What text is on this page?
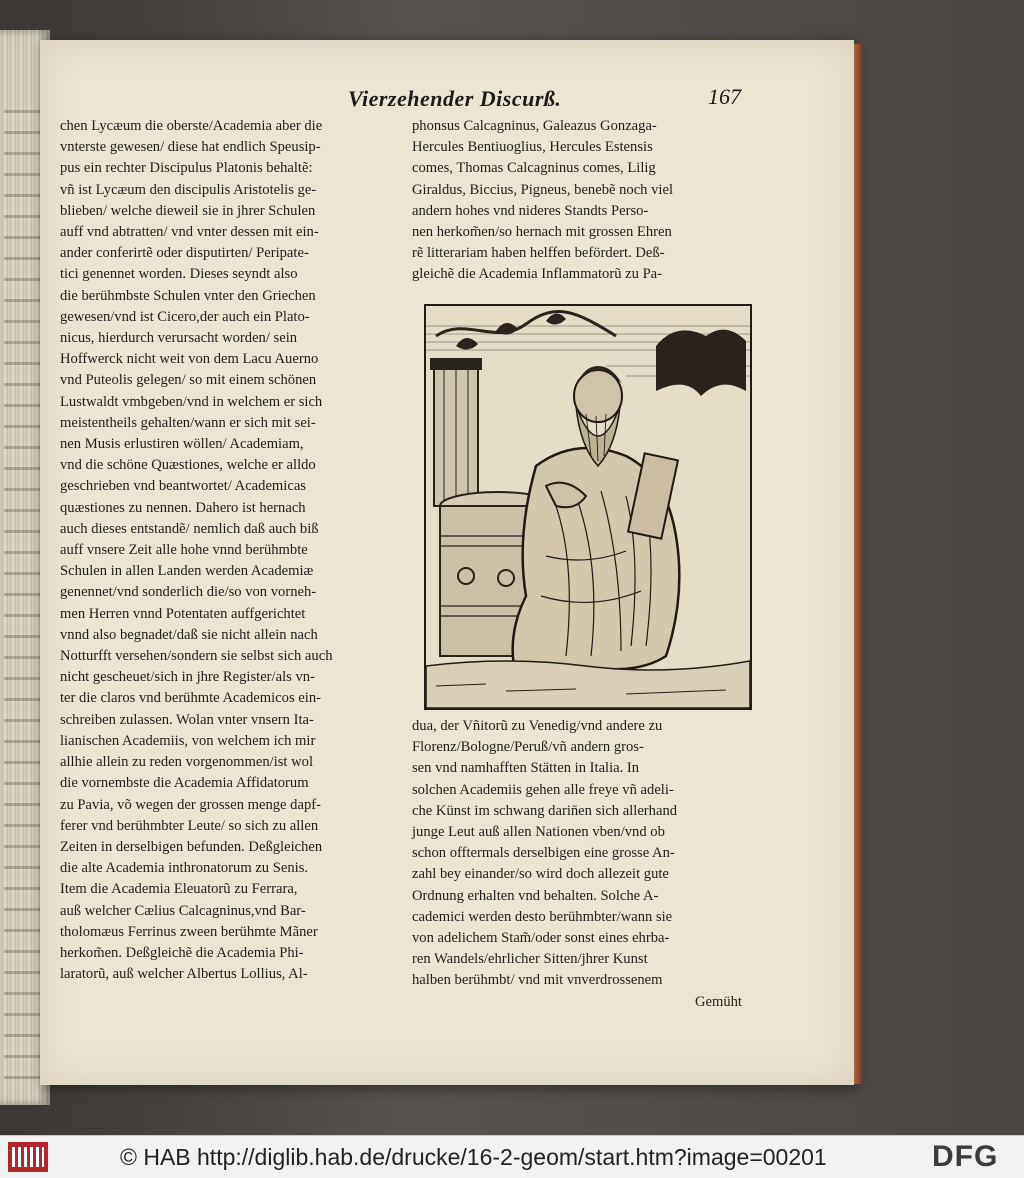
Vierzehender Discurß.	167
chen Lycæum die oberste/Academia aber die
vnterste gewesen/ diese hat endlich Speusip-
pus ein rechter Discipulus Platonis behaltẽ:
vñ ist Lycæum den discipulis Aristotelis ge-
blieben/ welche dieweil sie in jhrer Schulen
auff vnd abtratten/ vnd vnter dessen mit ein-
ander conferirtẽ oder disputirten/ Peripate-
tici genennet worden. Dieses seyndt also
die berühmbste Schulen vnter den Griechen
gewesen/vnd ist Cicero,der auch ein Plato-
nicus, hierdurch verursacht worden/ sein
Hoffwerck nicht weit von dem Lacu Auerno
vnd Puteolis gelegen/ so mit einem schönen
Lustwaldt vmbgeben/vnd in welchem er sich
meistentheils gehalten/wann er sich mit sei-
nen Musis erlustiren wöllen/ Academiam,
vnd die schöne Quæstiones, welche er alldo
geschrieben vnd beantwortet/ Academicas
quæstiones zu nennen. Dahero ist hernach
auch dieses entstandẽ/ nemlich daß auch biß
auff vnsere Zeit alle hohe vnnd berühmbte
Schulen in allen Landen werden Academiæ
genennet/vnd sonderlich die/so von vorneh-
men Herren vnnd Potentaten auffgerichtet
vnnd also begnadet/daß sie nicht allein nach
Notturfft versehen/sondern sie selbst sich auch
nicht gescheuet/sich in jhre Register/als vn-
ter die claros vnd berühmte Academicos ein-
schreiben zulassen. Wolan vnter vnsern Ita-
lianischen Academiis, von welchem ich mir
allhie allein zu reden vorgenommen/ist wol
die vornembste die Academia Affidatorum
zu Pavia, võ wegen der grossen menge dapf-
ferer vnd berühmbter Leute/ so sich zu allen
Zeiten in derselbigen befunden. Deßgleichen
die alte Academia inthronatorum zu Senis.
Item die Academia Eleuatorũ zu Ferrara,
auß welcher Cælius Calcagninus,vnd Bar-
tholomæus Ferrinus zween berühmte Mãner
herkom̃en. Deßgleichẽ die Academia Phi-
laratorũ, auß welcher Albertus Lollius, Al-
phonsus Calcagninus, Galeazus Gonzaga-
Hercules Bentiuoglius, Hercules Estensis
comes, Thomas Calcagninus comes, Lilig
Giraldus, Biccius, Pigneus, benebẽ noch viel
andern hohes vnd nideres Standts Perso-
nen herkom̃en/so hernach mit grossen Ehren
rẽ litterariam haben helffen befördert. Deß-
gleichẽ die Academia Inflammatorũ zu Pa-
dua, der Vñitorũ zu Venedig/vnd andere zu
Florenz/Bologne/Peruß/vñ andern gros-
sen vnd namhafften Stätten in Italia. In
solchen Academiis gehen alle freye vñ adeli-
che Künst im schwang darin̄en sich allerhand
junge Leut auß allen Nationen vben/vnd ob
schon offtermals derselbigen eine grosse An-
zahl bey einander/so wird doch allezeit gute
Ordnung erhalten vnd behalten. Solche A-
cademici werden desto berühmbter/wann sie
von adelichem Stam̃/oder sonst eines ehrba-
ren Wandels/ehrlicher Sitten/jhrer Kunst
halben berühmbt/ vnd mit vnverdrossenem
Gemüht
© HAB http://diglib.hab.de/drucke/16-2-geom/start.htm?image=00201	DFG
